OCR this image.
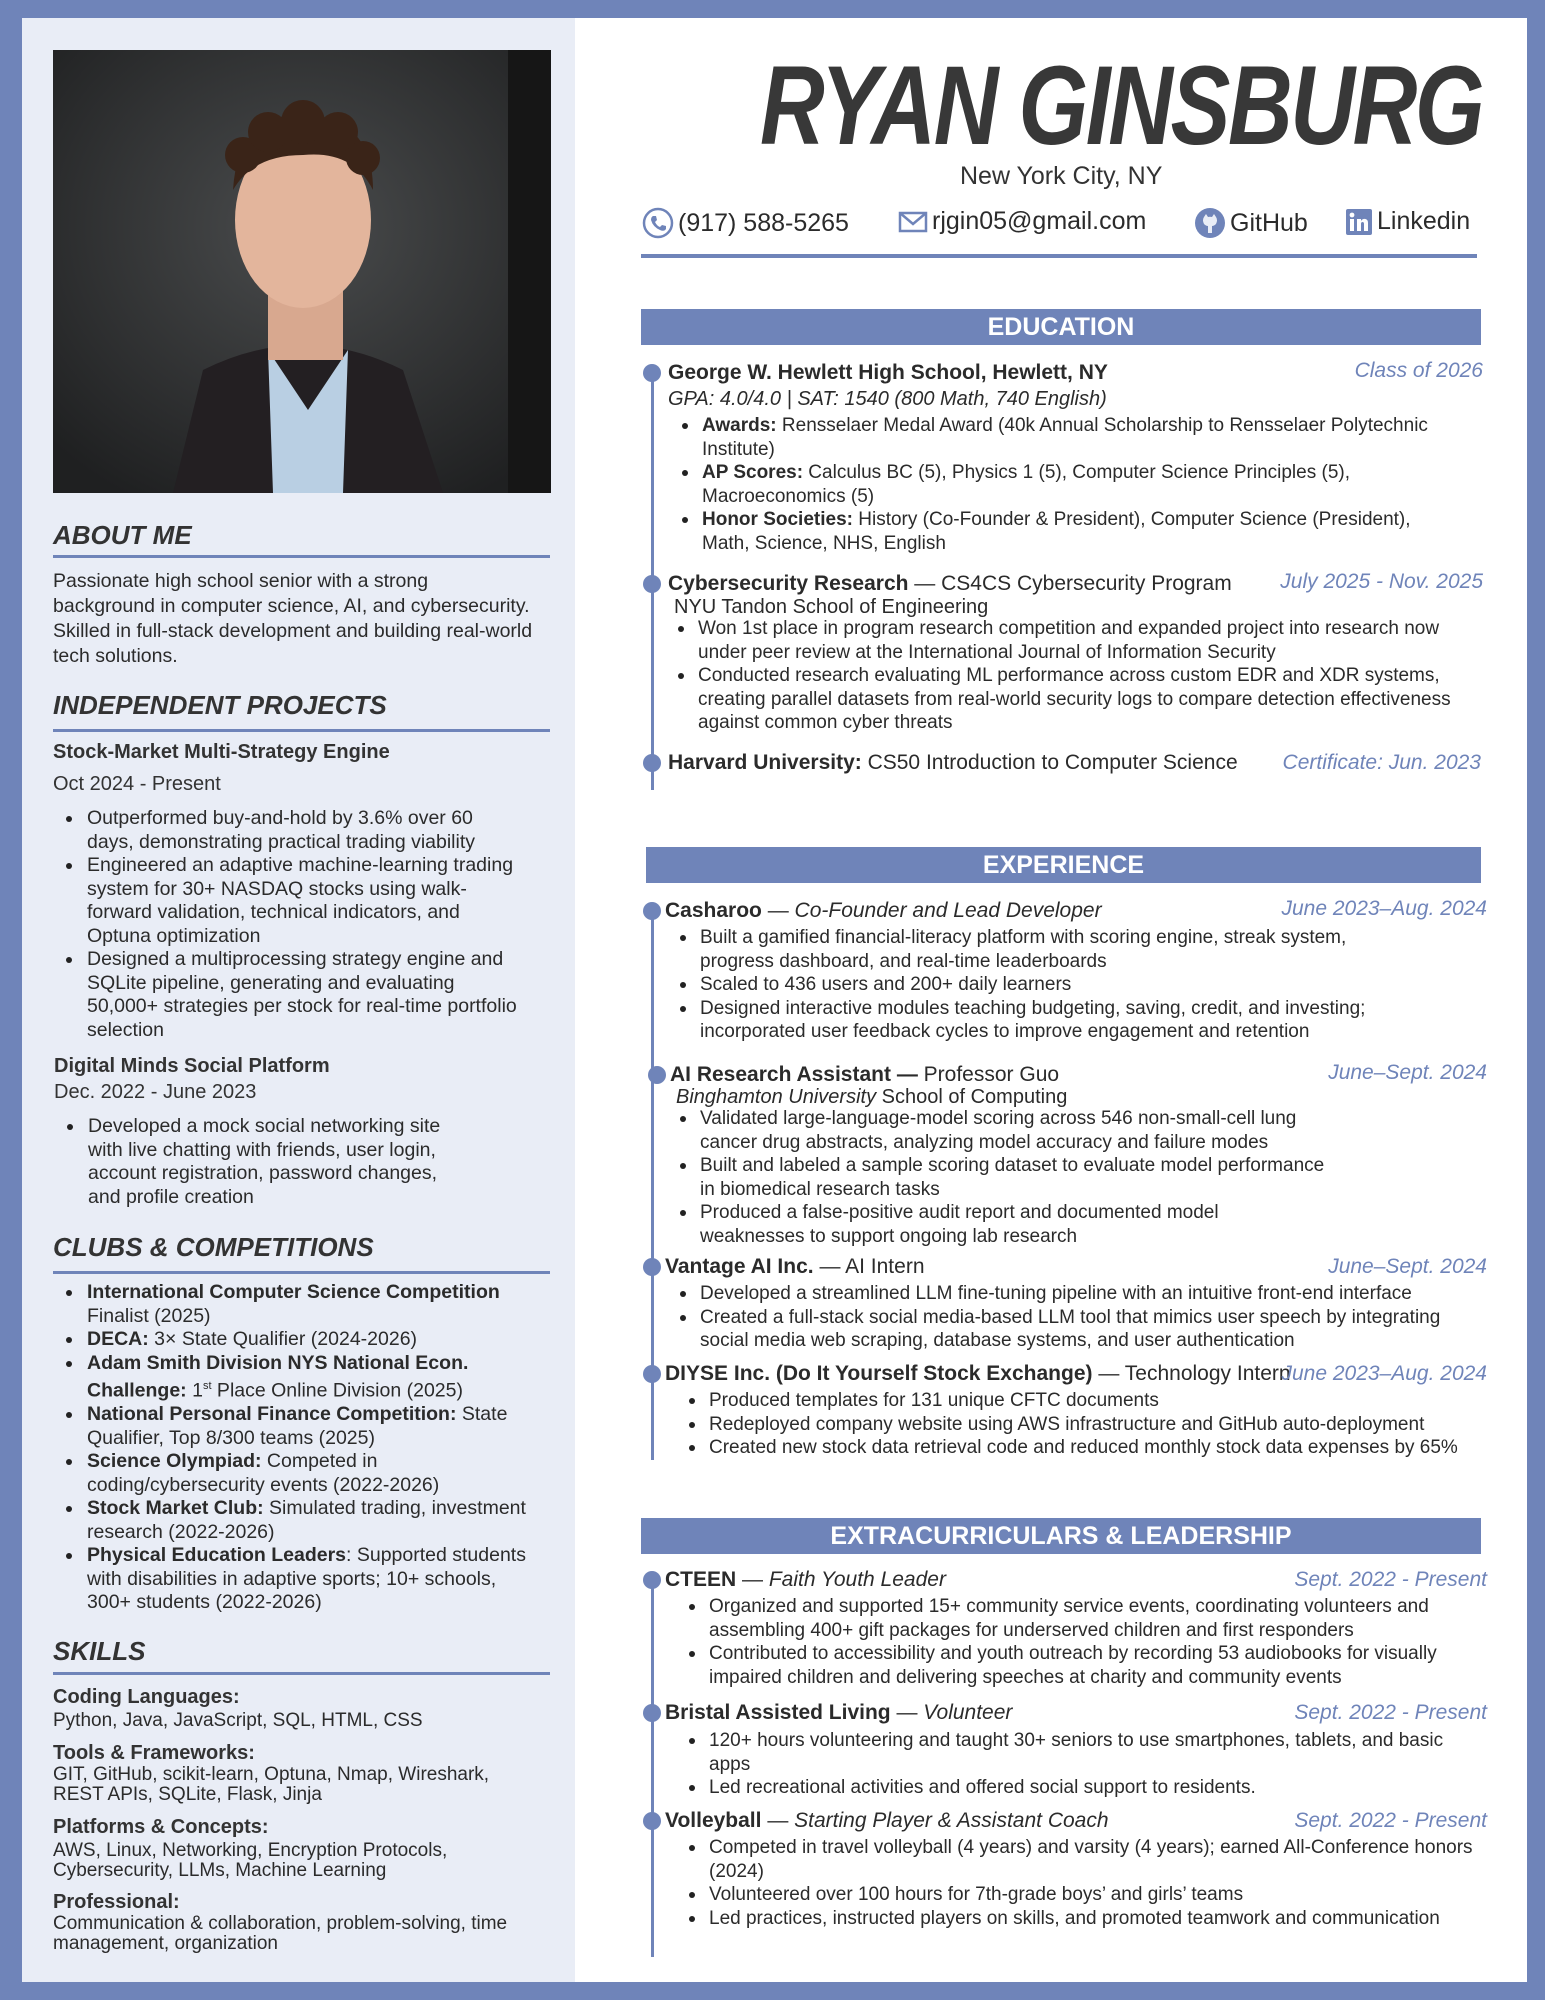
ABOUT ME
Passionate high school senior with a strong background in computer science, AI, and cybersecurity. Skilled in full-stack development and building real-world tech solutions.
INDEPENDENT PROJECTS
Stock-Market Multi-Strategy Engine
Oct 2024 - Present
Outperformed buy-and-hold by 3.6% over 60 days, demonstrating practical trading viability
Engineered an adaptive machine-learning trading system for 30+ NASDAQ stocks using walk-forward validation, technical indicators, and Optuna optimization
Designed a multiprocessing strategy engine and SQLite pipeline, generating and evaluating 50,000+ strategies per stock for real-time portfolio selection
Digital Minds Social Platform
Dec. 2022 - June 2023
Developed a mock social networking site with live chatting with friends, user login, account registration, password changes, and profile creation
CLUBS & COMPETITIONS
International Computer Science Competition Finalist (2025)
DECA: 3× State Qualifier (2024-2026)
Adam Smith Division NYS National Econ. Challenge: 1st Place Online Division (2025)
National Personal Finance Competition: State Qualifier, Top 8/300 teams (2025)
Science Olympiad: Competed in coding/cybersecurity events (2022-2026)
Stock Market Club: Simulated trading, investment research (2022-2026)
Physical Education Leaders: Supported students with disabilities in adaptive sports; 10+ schools, 300+ students (2022-2026)
SKILLS
Coding Languages:
Python, Java, JavaScript, SQL, HTML, CSS
Tools & Frameworks:
GIT, GitHub, scikit-learn, Optuna, Nmap, Wireshark, REST APIs, SQLite, Flask, Jinja
Platforms & Concepts:
AWS, Linux, Networking, Encryption Protocols, Cybersecurity, LLMs, Machine Learning
Professional:
Communication & collaboration, problem-solving, time management, organization
RYAN GINSBURG
New York City, NY
(917) 588-5265	rjgin05@gmail.com	GitHub	Linkedin
EDUCATION
George W. Hewlett High School, Hewlett, NY	Class of 2026
GPA: 4.0/4.0 | SAT: 1540 (800 Math, 740 English)
Awards: Rensselaer Medal Award (40k Annual Scholarship to Rensselaer Polytechnic Institute)
AP Scores: Calculus BC (5), Physics 1 (5), Computer Science Principles (5), Macroeconomics (5)
Honor Societies: History (Co-Founder & President), Computer Science (President), Math, Science, NHS, English
Cybersecurity Research — CS4CS Cybersecurity Program July 2025 - Nov. 2025
NYU Tandon School of Engineering
Won 1st place in program research competition and expanded project into research now under peer review at the International Journal of Information Security
Conducted research evaluating ML performance across custom EDR and XDR systems, creating parallel datasets from real-world security logs to compare detection effectiveness against common cyber threats
Harvard University: CS50 Introduction to Computer Science Certificate: Jun. 2023
EXPERIENCE
Casharoo — Co-Founder and Lead Developer	June 2023–Aug. 2024
Built a gamified financial-literacy platform with scoring engine, streak system, progress dashboard, and real-time leaderboards
Scaled to 436 users and 200+ daily learners
Designed interactive modules teaching budgeting, saving, credit, and investing; incorporated user feedback cycles to improve engagement and retention
AI Research Assistant — Professor Guo	June–Sept. 2024
Binghamton University School of Computing
Validated large-language-model scoring across 546 non-small-cell lung cancer drug abstracts, analyzing model accuracy and failure modes
Built and labeled a sample scoring dataset to evaluate model performance in biomedical research tasks
Produced a false-positive audit report and documented model weaknesses to support ongoing lab research
Vantage AI Inc. — AI Intern	June–Sept. 2024
Developed a streamlined LLM fine-tuning pipeline with an intuitive front-end interface
Created a full-stack social media-based LLM tool that mimics user speech by integrating social media web scraping, database systems, and user authentication
DIYSE Inc. (Do It Yourself Stock Exchange) — Technology Intern
June 2023–Aug. 2024
Produced templates for 131 unique CFTC documents
Redeployed company website using AWS infrastructure and GitHub auto-deployment
Created new stock data retrieval code and reduced monthly stock data expenses by 65%
EXTRACURRICULARS & LEADERSHIP
CTEEN — Faith Youth Leader	Sept. 2022 - Present
Organized and supported 15+ community service events, coordinating volunteers and assembling 400+ gift packages for underserved children and first responders
Contributed to accessibility and youth outreach by recording 53 audiobooks for visually impaired children and delivering speeches at charity and community events
Bristal Assisted Living — Volunteer	Sept. 2022 - Present
120+ hours volunteering and taught 30+ seniors to use smartphones, tablets, and basic apps
Led recreational activities and offered social support to residents.
Volleyball — Starting Player & Assistant Coach	Sept. 2022 - Present
Competed in travel volleyball (4 years) and varsity (4 years); earned All-Conference honors (2024)
Volunteered over 100 hours for 7th-grade boys’ and girls’ teams
Led practices, instructed players on skills, and promoted teamwork and communication
